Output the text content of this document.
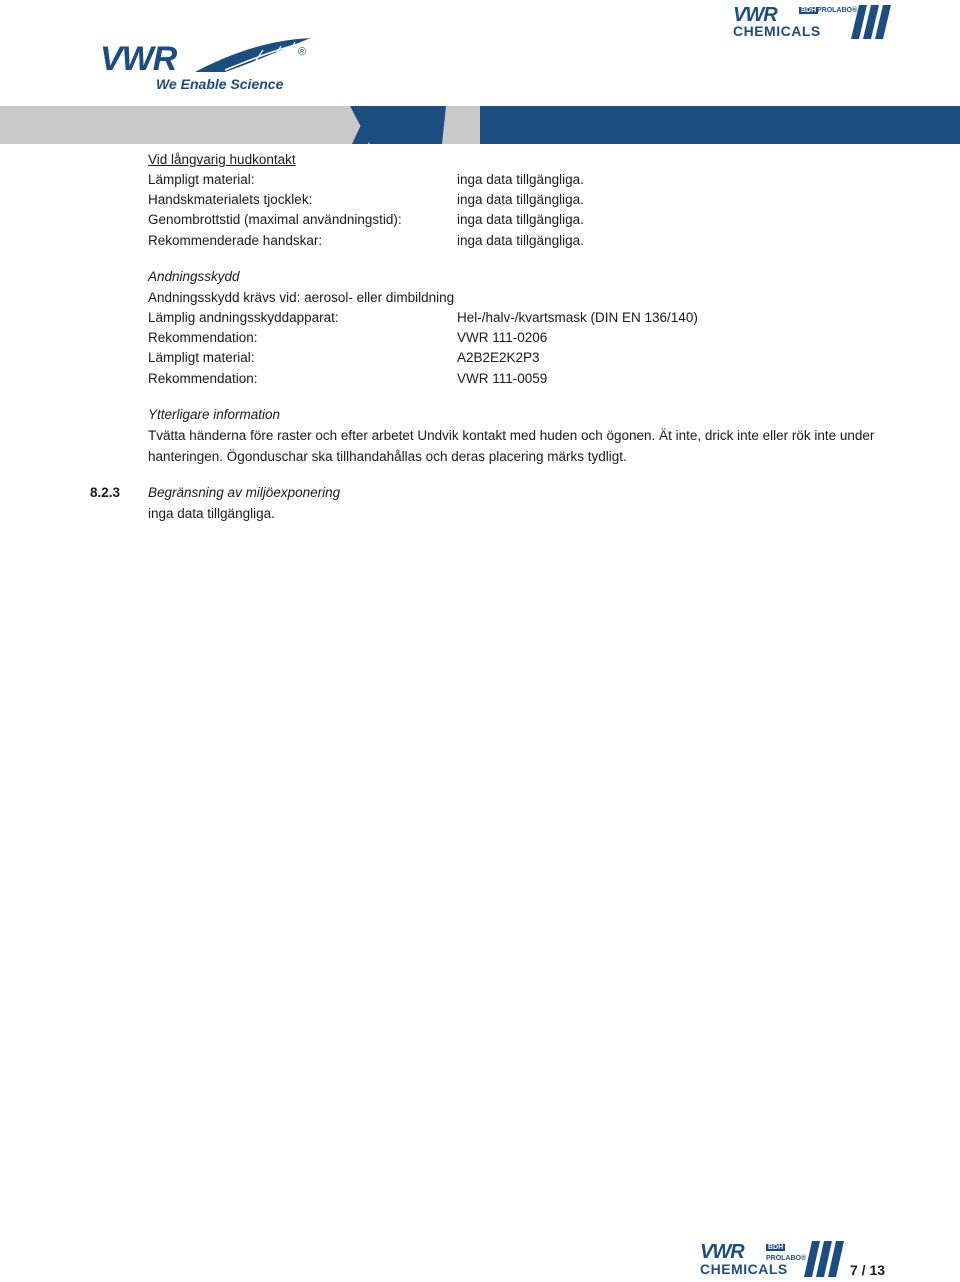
VWR	®
We Enable Science
VWR	BDH PROLABO®
CHEMICALS
Vid långvarig hudkontakt
Lämpligt material:	inga data tillgängliga.
Handskmaterialets tjocklek:	inga data tillgängliga.
Genombrottstid (maximal användningstid):	inga data tillgängliga.
Rekommenderade handskar:	inga data tillgängliga.
Andningsskydd
Andningsskydd krävs vid: aerosol- eller dimbildning
Lämplig andningsskyddapparat:	Hel-/halv-/kvartsmask (DIN EN 136/140)
Rekommendation:	VWR 111-0206
Lämpligt material:	A2B2E2K2P3
Rekommendation:	VWR 111-0059
Ytterligare information
Tvätta händerna före raster och efter arbetet Undvik kontakt med huden och ögonen. Ät inte, drick inte eller rök inte under
hanteringen. Ögonduschar ska tillhandahållas och deras placering märks tydligt.
8.2.3 Begränsning av miljöexponering
inga data tillgängliga.
VWR	BDH
PROLABO®
CHEMICALS	7 / 13
